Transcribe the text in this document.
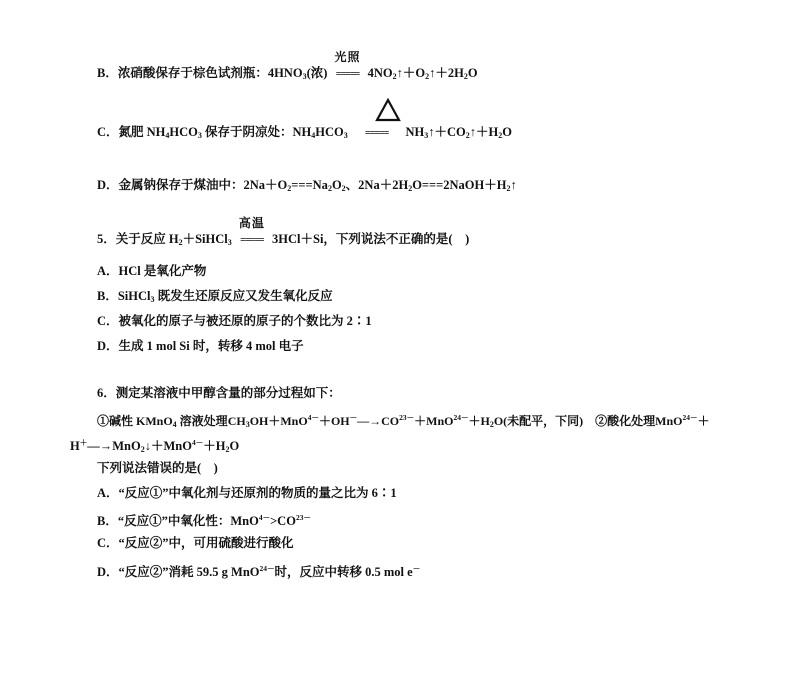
B．浓硝酸保存于棕色试剂瓶：$4HNO_3$(浓)
光照
===== $4NO_2↑+O_2↑+2H_2O$
C．氮肥 $NH_4HCO_3$ 保存于阴凉处：$NH_4HCO_3$ ===== $NH_3↑+CO_2↑+H_2O$
D．金属钠保存于煤油中：$2Na+O_2===Na_2O_2$、$2Na+2H_2O===2NaOH+H_2↑$
5．关于反应 $H_2+SiHCl_3$
高温
===== 3HCl＋Si，下列说法不正确的是(　)
A．HCl 是氧化产物
B．SiHCl$_3$ 既发生还原反应又发生氧化反应
C．被氧化的原子与被还原的原子的个数比为 2∶1
D．生成 1 mol Si 时，转移 4 mol 电子
6．测定某溶液中甲醇含量的部分过程如下：
①碱性 KMnO$_4$ 溶液处理$CH_3OH+MnO^{4-}+OH^-―\to CO^{23-}+MnO^{24-}+H_2O$(未配平，下同)　②酸化处理MnO$^{24-}$＋
$H^+―\to MnO_2↓+MnO^{4-}+H_2O$
下列说法错误的是(　)
A．“反应①”中氧化剂与还原剂的物质的量之比为 6∶1
B．“反应①”中氧化性：$MnO^{4-}>CO^{23-}$
C．“反应②”中，可用硫酸进行酸化
D．“反应②”消耗 59.5 g MnO$^{24-}$时，反应中转移 0.5 mol e－
